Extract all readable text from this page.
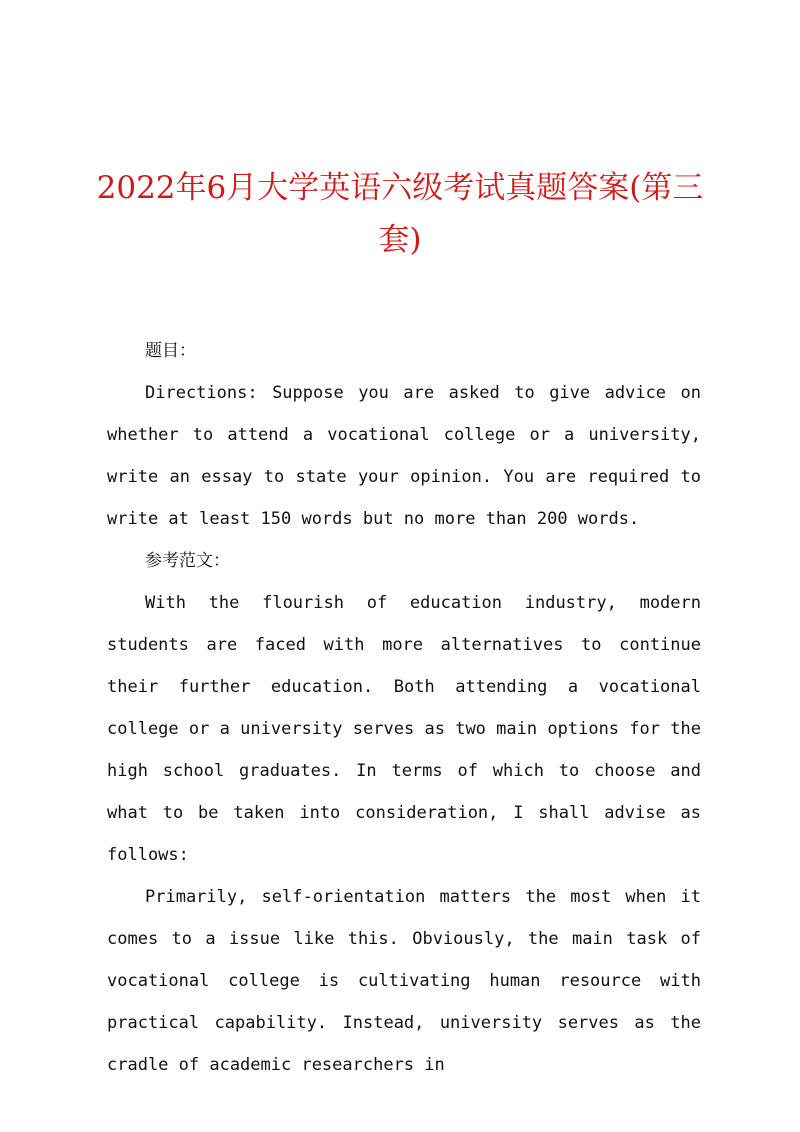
2022年6月大学英语六级考试真题答案(第三套)

题目：

Directions: Suppose you are asked to give advice on whether to attend a vocational college or a university, write an essay to state your opinion. You are required to write at least 150 words but no more than 200 words.

参考范文：

With the flourish of education industry, modern students are faced with more alternatives to continue their further education. Both attending a vocational college or a university serves as two main options for the high school graduates. In terms of which to choose and what to be taken into consideration, I shall advise as follows:

Primarily, self-orientation matters the most when it comes to a issue like this. Obviously, the main task of vocational college is cultivating human resource with practical capability. Instead, university serves as the cradle of academic researchers in
